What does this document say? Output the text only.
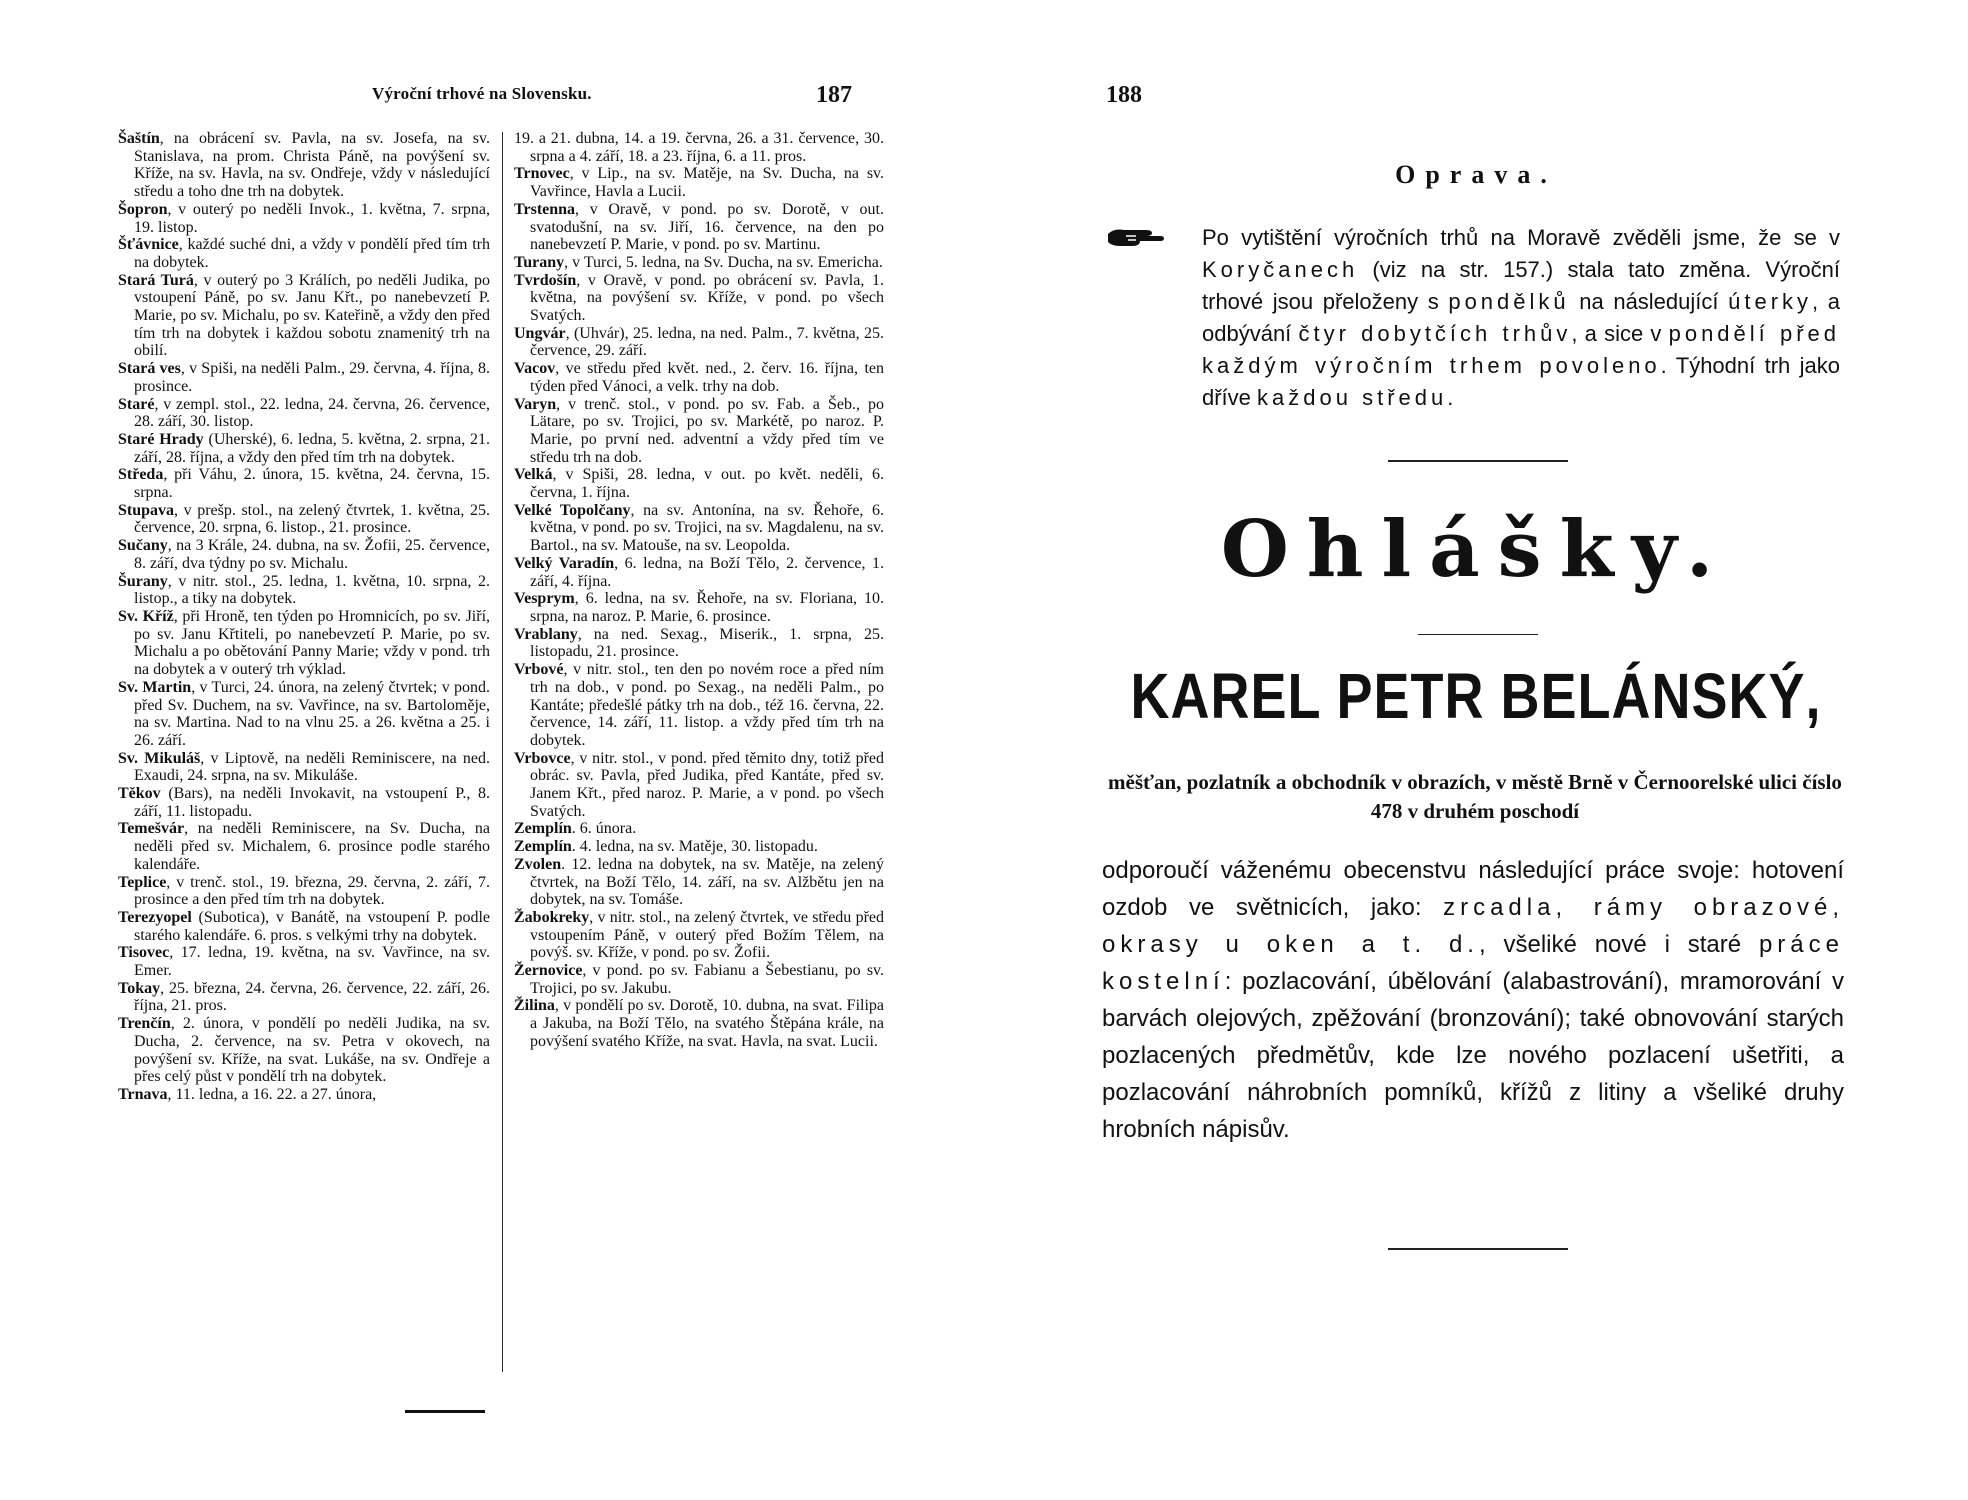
Výroční trhové na Slovensku.	187

Šaštín, na obrácení sv. Pavla, na sv. Josefa, na sv. Stanislava, na prom. Christa Páně, na povýšení sv. Kříže, na sv. Havla, na sv. Ondřeje, vždy v následující středu a toho dne trh na dobytek.

Šopron, v outerý po neděli Invok., 1. května, 7. srpna, 19. listop.

Šťávnice, každé suché dni, a vždy v pondělí před tím trh na dobytek.

Stará Turá, v outerý po 3 Králích, po neděli Judika, po vstoupení Páně, po sv. Janu Křt., po nanebevzetí P. Marie, po sv. Michalu, po sv. Kateřině, a vždy den před tím trh na dobytek i každou sobotu znamenitý trh na obilí.

Stará ves, v Spiši, na neděli Palm., 29. června, 4. října, 8. prosince.

Staré, v zempl. stol., 22. ledna, 24. června, 26. července, 28. září, 30. listop.

Staré Hrady (Uherské), 6. ledna, 5. května, 2. srpna, 21. září, 28. října, a vždy den před tím trh na dobytek.

Středa, při Váhu, 2. února, 15. května, 24. června, 15. srpna.

Stupava, v prešp. stol., na zelený čtvrtek, 1. května, 25. července, 20. srpna, 6. listop., 21. prosince.

Sučany, na 3 Krále, 24. dubna, na sv. Žofii, 25. července, 8. září, dva týdny po sv. Michalu.

Šurany, v nitr. stol., 25. ledna, 1. května, 10. srpna, 2. listop., a tiky na dobytek.

Sv. Kříž, při Hroně, ten týden po Hromnicích, po sv. Jiří, po sv. Janu Křtiteli, po nanebevzetí P. Marie, po sv. Michalu a po obětování Panny Marie; vždy v pond. trh na dobytek a v outerý trh výklad.

Sv. Martin, v Turci, 24. února, na zelený čtvrtek; v pond. před Sv. Duchem, na sv. Vavřince, na sv. Bartoloměje, na sv. Martina. Nad to na vlnu 25. a 26. května a 25. i 26. září.

Sv. Mikuláš, v Liptově, na neděli Reminiscere, na ned. Exaudi, 24. srpna, na sv. Mikuláše.

Těkov (Bars), na neděli Invokavit, na vstoupení P., 8. září, 11. listopadu.

Temešvár, na neděli Reminiscere, na Sv. Ducha, na neděli před sv. Michalem, 6. prosince podle starého kalendáře.

Teplice, v trenč. stol., 19. března, 29. června, 2. září, 7. prosince a den před tím trh na dobytek.

Terezyopel (Subotica), v Banátě, na vstoupení P. podle starého kalendáře. 6. pros. s velkými trhy na dobytek.

Tisovec, 17. ledna, 19. května, na sv. Vavřince, na sv. Emer.

Tokay, 25. března, 24. června, 26. července, 22. září, 26. října, 21. pros.

Trenčín, 2. února, v pondělí po neděli Judika, na sv. Ducha, 2. července, na sv. Petra v okovech, na povýšení sv. Kříže, na svat. Lukáše, na sv. Ondřeje a přes celý půst v pondělí trh na dobytek.

Trnava, 11. ledna, a 16. 22. a 27. února,

19. a 21. dubna, 14. a 19. června, 26. a 31. července, 30. srpna a 4. září, 18. a 23. října, 6. a 11. pros.

Trnovec, v Lip., na sv. Matěje, na Sv. Ducha, na sv. Vavřince, Havla a Lucii.

Trstenna, v Oravě, v pond. po sv. Dorotě, v out. svatodušní, na sv. Jiří, 16. července, na den po nanebevzetí P. Marie, v pond. po sv. Martinu.

Turany, v Turci, 5. ledna, na Sv. Ducha, na sv. Emericha.

Tvrdošín, v Oravě, v pond. po obrácení sv. Pavla, 1. května, na povýšení sv. Kříže, v pond. po všech Svatých.

Ungvár, (Uhvár), 25. ledna, na ned. Palm., 7. května, 25. července, 29. září.

Vacov, ve středu před květ. ned., 2. červ. 16. října, ten týden před Vánoci, a velk. trhy na dob.

Varyn, v trenč. stol., v pond. po sv. Fab. a Šeb., po Lätare, po sv. Trojici, po sv. Markétě, po naroz. P. Marie, po první ned. adventní a vždy před tím ve středu trh na dob.

Velká, v Spiši, 28. ledna, v out. po květ. neděli, 6. června, 1. října.

Velké Topolčany, na sv. Antonína, na sv. Řehoře, 6. května, v pond. po sv. Trojici, na sv. Magdalenu, na sv. Bartol., na sv. Matouše, na sv. Leopolda.

Velký Varadín, 6. ledna, na Boží Tělo, 2. července, 1. září, 4. října.

Vesprym, 6. ledna, na sv. Řehoře, na sv. Floriana, 10. srpna, na naroz. P. Marie, 6. prosince.

Vrablany, na ned. Sexag., Miserik., 1. srpna, 25. listopadu, 21. prosince.

Vrbové, v nitr. stol., ten den po novém roce a před ním trh na dob., v pond. po Sexag., na neděli Palm., po Kantáte; předešlé pátky trh na dob., též 16. června, 22. července, 14. září, 11. listop. a vždy před tím trh na dobytek.

Vrbovce, v nitr. stol., v pond. před těmito dny, totiž před obrác. sv. Pavla, před Judika, před Kantáte, před sv. Janem Křt., před naroz. P. Marie, a v pond. po všech Svatých.

Zemplín. 6. února.

Zemplín. 4. ledna, na sv. Matěje, 30. listopadu.

Zvolen. 12. ledna na dobytek, na sv. Matěje, na zelený čtvrtek, na Boží Tělo, 14. září, na sv. Alžbětu jen na dobytek, na sv. Tomáše.

Žabokreky, v nitr. stol., na zelený čtvrtek, ve středu před vstoupením Páně, v outerý před Božím Tělem, na povýš. sv. Kříže, v pond. po sv. Žofii.

Žernovice, v pond. po sv. Fabianu a Šebestianu, po sv. Trojici, po sv. Jakubu.

Žilina, v pondělí po sv. Dorotě, 10. dubna, na svat. Filipa a Jakuba, na Boží Tělo, na svatého Štěpána krále, na povýšení svatého Kříže, na svat. Havla, na svat. Lucii.

188
Oprava.
Po vytištění výročních trhů na Moravě zvěděli jsme, že se v Koryčanech (viz na str. 157.) stala tato změna. Výroční trhové jsou přeloženy s pondělků na následující úterky, a odbývání čtyr dobytčích trhův, a sice v pondělí před každým výročním trhem povoleno. Týhodní trh jako dříve každou středu.
Ohlášky.
KAREL PETR BELÁNSKÝ,
měšťan, pozlatník a obchodník v obrazích, v městě Brně v Černoorelské ulici číslo 478 v druhém poschodí
odporoučí váženému obecenstvu následující práce svoje: hotovení ozdob ve světnicích, jako: zrcadla, rámy obrazové, okrasy u oken a t. d., všeliké nové i staré práce kostelní: pozlacování, úbělování (alabastrování), mramorování v barvách olejových, zpěžování (bronzování); také obnovování starých pozlacených předmětův, kde lze nového pozlacení ušetřiti, a pozlacování náhrobních pomníků, křížů z litiny a všeliké druhy hrobních nápisův.
